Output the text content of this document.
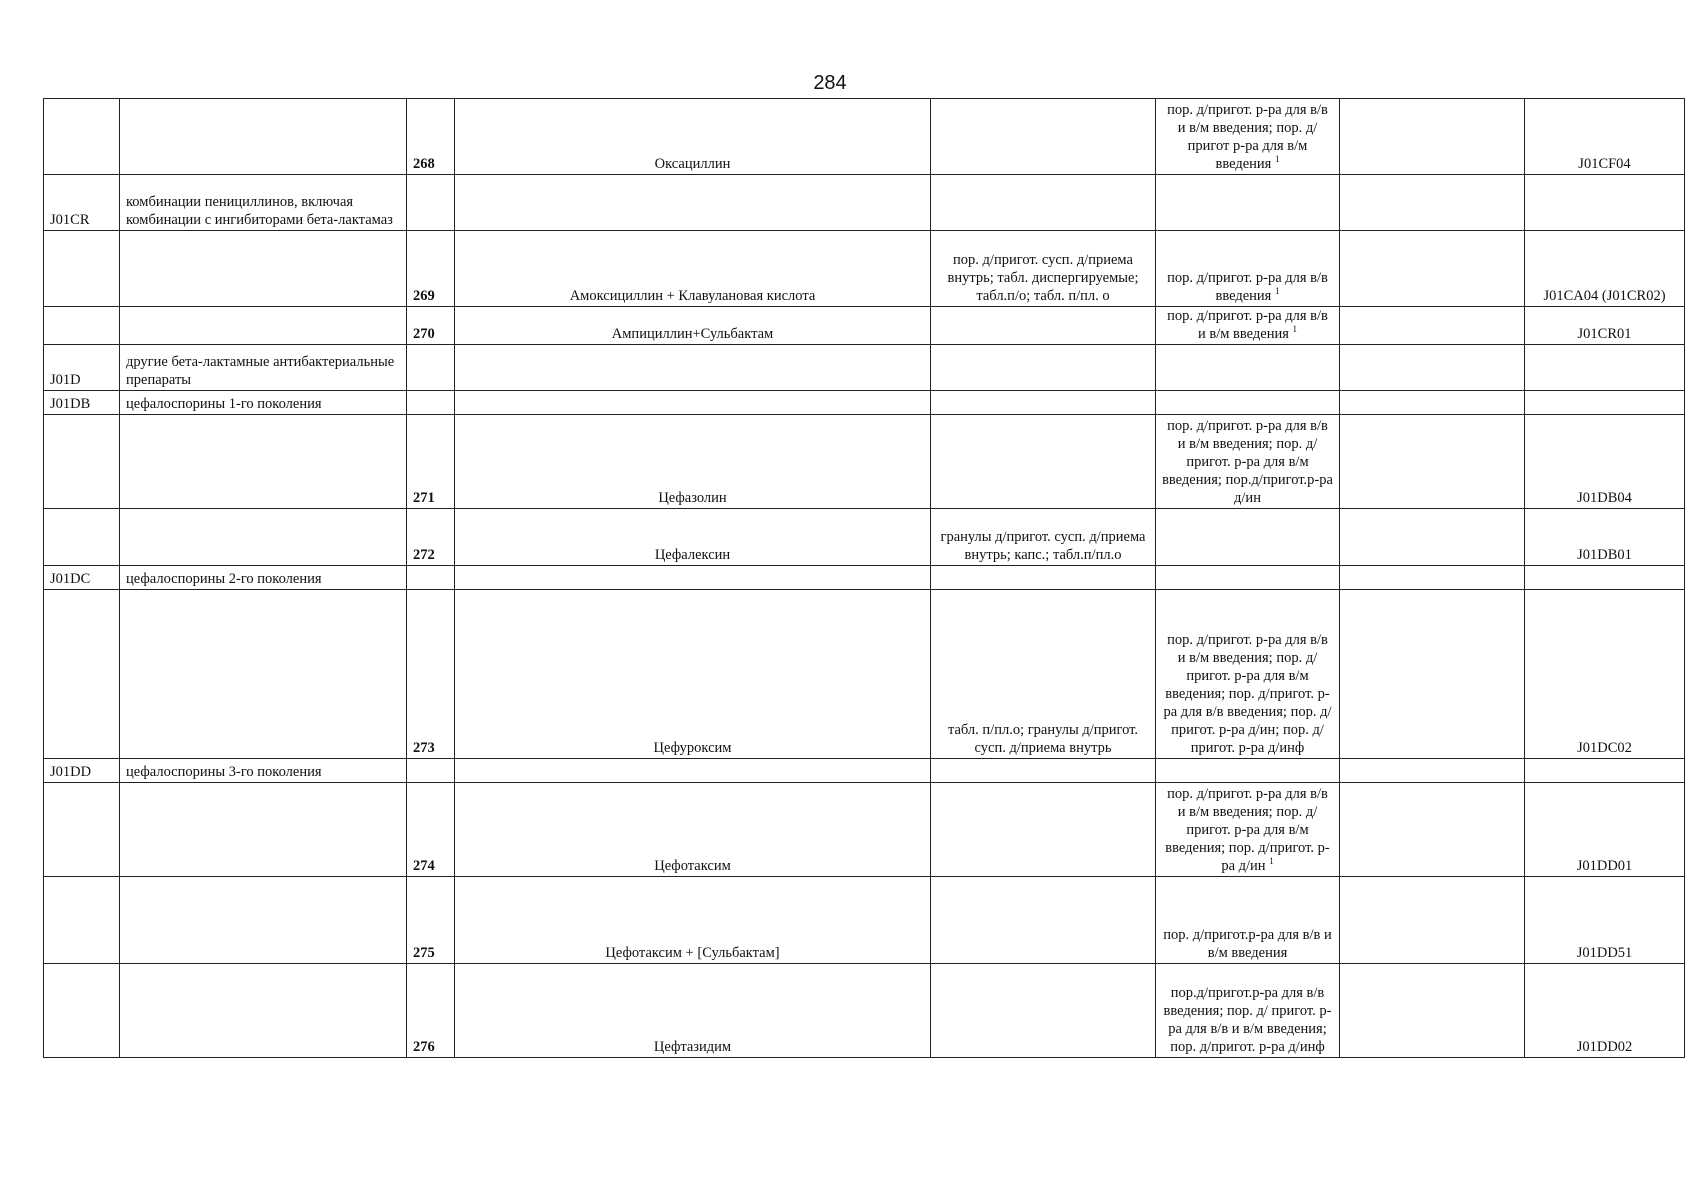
284
		268	Оксациллин		пор. д/пригот. р-ра для в/в и в/м введения; пор. д/пригот р-ра для в/м введения $^1$		J01CF04
J01CR	комбинации пенициллинов, включая комбинации с ингибиторами бета-лактамаз						
		269	Амоксициллин + Клавулановая кислота	пор. д/пригот. сусп. д/приема внутрь; табл. диспергируемые; табл.п/о; табл. п/пл. о	пор. д/пригот. р-ра для в/в введения $^1$		J01CA04 (J01CR02)
		270	Ампициллин+Сульбактам		пор. д/пригот. р-ра для в/в и в/м введения $^1$		J01CR01
J01D	другие бета-лактамные антибактериальные препараты						
J01DB	цефалоспорины 1-го поколения						
		271	Цефазолин		пор. д/пригот. р-ра для в/в и в/м введения; пор. д/пригот. р-ра для в/м введения; пор.д/пригот.р-ра д/ин		J01DB04
		272	Цефалексин	гранулы д/пригот. сусп. д/приема внутрь; капс.; табл.п/пл.о			J01DB01
J01DC	цефалоспорины 2-го поколения						
		273	Цефуроксим	табл. п/пл.о; гранулы д/пригот. сусп. д/приема внутрь	пор. д/пригот. р-ра для в/в и в/м введения; пор. д/пригот. р-ра для в/м введения; пор. д/пригот. р-ра для в/в введения; пор. д/пригот. р-ра д/ин; пор. д/пригот. р-ра д/инф		J01DC02
J01DD	цефалоспорины 3-го поколения						
		274	Цефотаксим		пор. д/пригот. р-ра для в/в и в/м введения; пор. д/пригот. р-ра для в/м введения; пор. д/пригот. р-ра д/ин $^1$		J01DD01
		275	Цефотаксим + [Сульбактам]		пор. д/пригот.р-ра для в/в и в/м введения		J01DD51
		276	Цефтазидим		пор.д/пригот.р-ра для в/в введения; пор. д/ пригот. р-ра для в/в и в/м введения; пор. д/пригот. р-ра д/инф		J01DD02
